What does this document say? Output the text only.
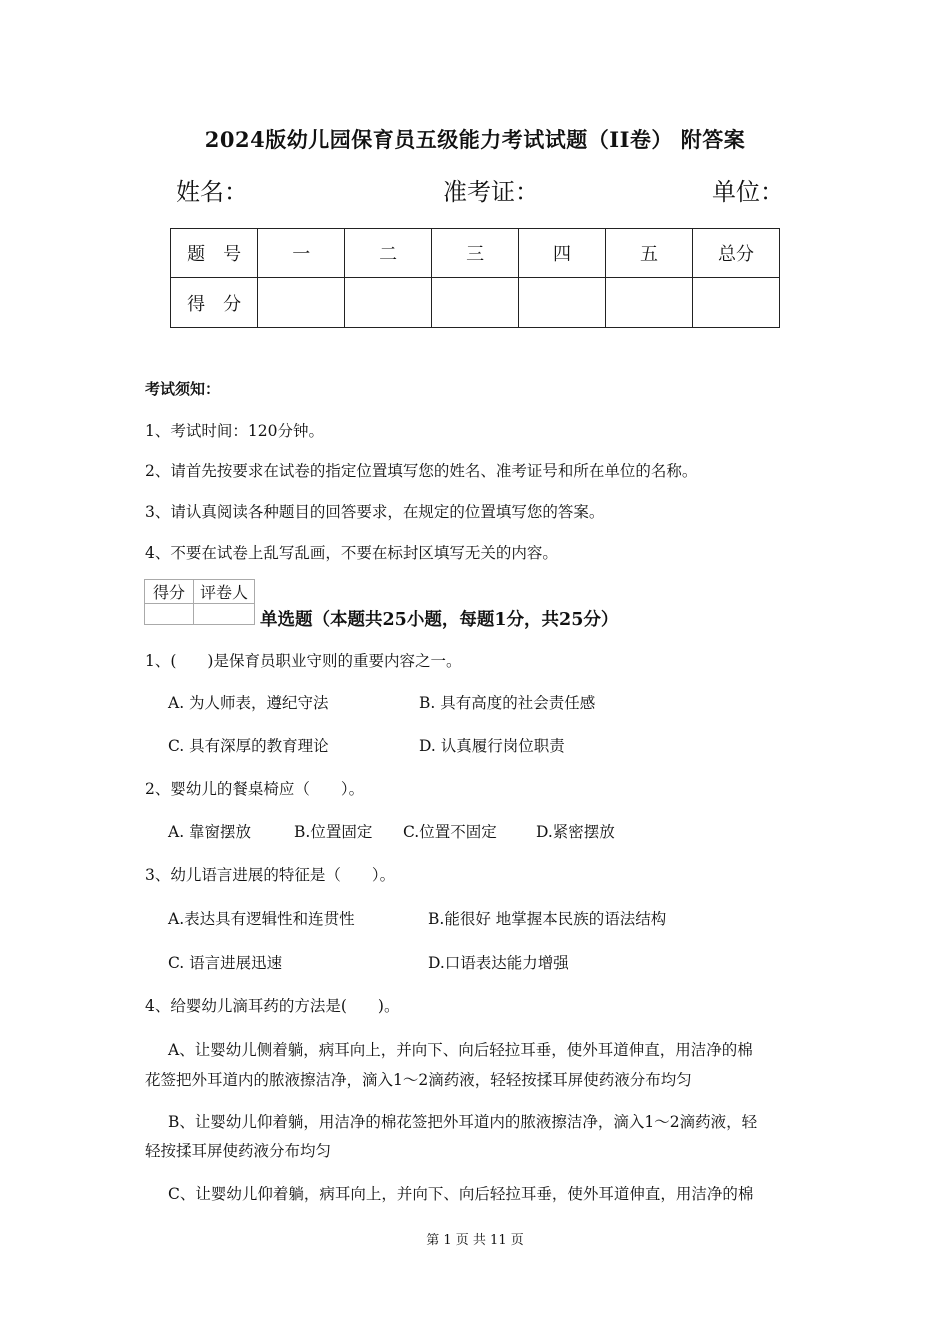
2024版幼儿园保育员五级能力考试试题（II卷） 附答案
姓名：	准考证：	单位：
题　号	一	二	三	四	五	总分
得　分						
考试须知：
1、考试时间：120分钟。
2、请首先按要求在试卷的指定位置填写您的姓名、准考证号和所在单位的名称。
3、请认真阅读各种题目的回答要求，在规定的位置填写您的答案。
4、不要在试卷上乱写乱画，不要在标封区填写无关的内容。
得分	评卷人

单选题（本题共25小题，每题1分，共25分）
1、(　　)是保育员职业守则的重要内容之一。
A. 为人师表，遵纪守法	B. 具有高度的社会责任感
C. 具有深厚的教育理论	D. 认真履行岗位职责
2、婴幼儿的餐桌椅应（　　）。
A. 靠窗摆放	B.位置固定 C.位置不固定	D.紧密摆放
3、幼儿语言进展的特征是（　　）。
A.表达具有逻辑性和连贯性	B.能很好 地掌握本民族的语法结构
C. 语言进展迅速	D.口语表达能力增强
4、给婴幼儿滴耳药的方法是(　　)。
A、让婴幼儿侧着躺，病耳向上，并向下、向后轻拉耳垂，使外耳道伸直，用洁净的棉
花签把外耳道内的脓液擦洁净，滴入1～2滴药液，轻轻按揉耳屏使药液分布均匀
B、让婴幼儿仰着躺，用洁净的棉花签把外耳道内的脓液擦洁净，滴入1～2滴药液，轻
轻按揉耳屏使药液分布均匀
C、让婴幼儿仰着躺，病耳向上，并向下、向后轻拉耳垂，使外耳道伸直，用洁净的棉
第 1 页 共 11 页
